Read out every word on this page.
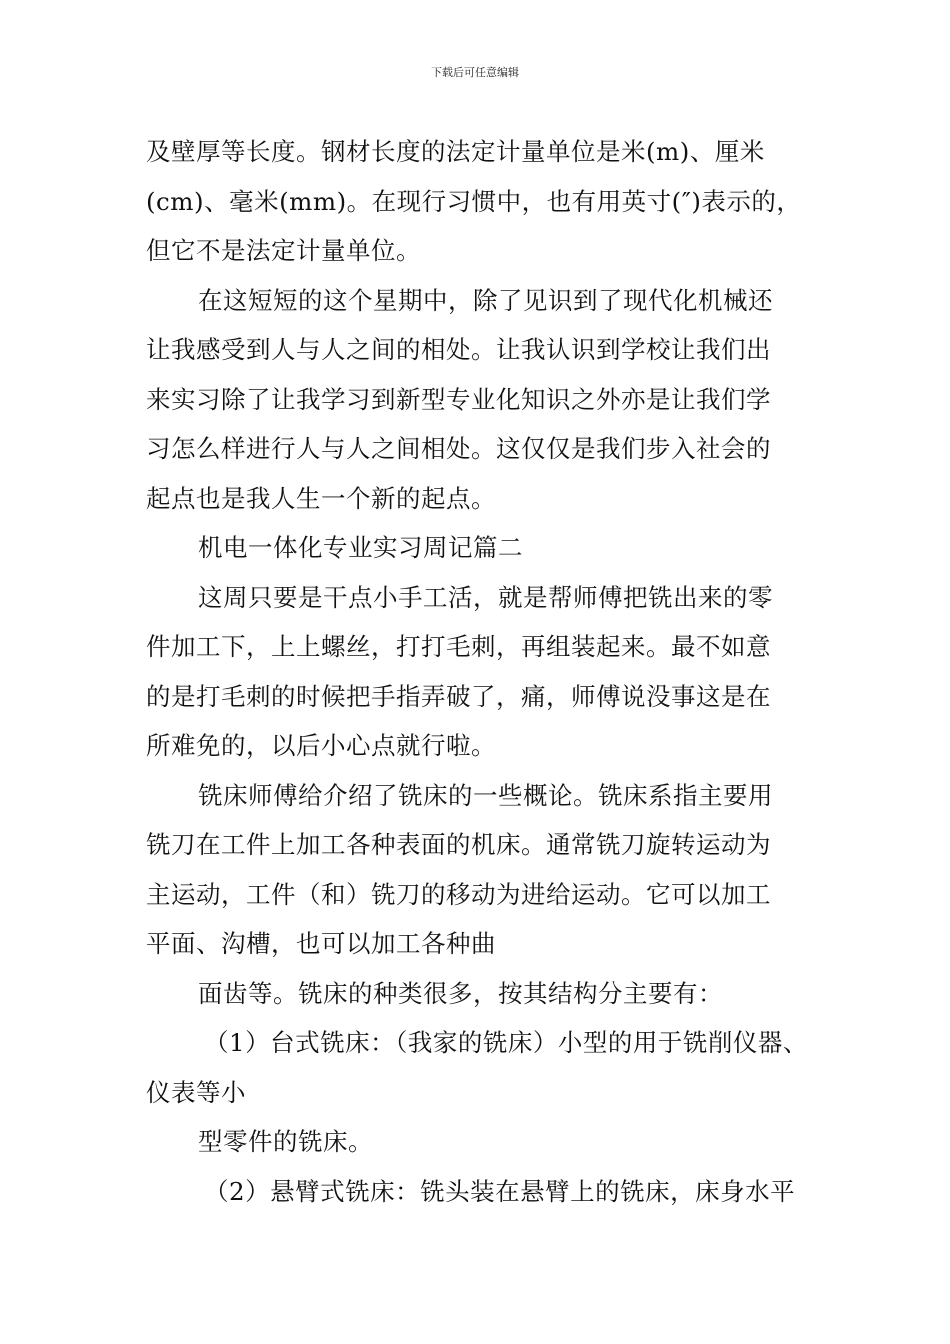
下载后可任意编辑
及壁厚等长度。钢材长度的法定计量单位是米(m)、厘米
(cm)、毫米(mm)。在现行习惯中，也有用英寸(″)表示的，
但它不是法定计量单位。
在这短短的这个星期中，除了见识到了现代化机械还
让我感受到人与人之间的相处。让我认识到学校让我们出
来实习除了让我学习到新型专业化知识之外亦是让我们学
习怎么样进行人与人之间相处。这仅仅是我们步入社会的
起点也是我人生一个新的起点。
机电一体化专业实习周记篇二
这周只要是干点小手工活，就是帮师傅把铣出来的零
件加工下，上上螺丝，打打毛刺，再组装起来。最不如意
的是打毛刺的时候把手指弄破了，痛，师傅说没事这是在
所难免的，以后小心点就行啦。
铣床师傅给介绍了铣床的一些概论。铣床系指主要用
铣刀在工件上加工各种表面的机床。通常铣刀旋转运动为
主运动，工件（和）铣刀的移动为进给运动。它可以加工
平面、沟槽，也可以加工各种曲
面齿等。铣床的种类很多，按其结构分主要有：
（1）台式铣床：（我家的铣床）小型的用于铣削仪器、
仪表等小
型零件的铣床。
（2）悬臂式铣床：铣头装在悬臂上的铣床，床身水平
